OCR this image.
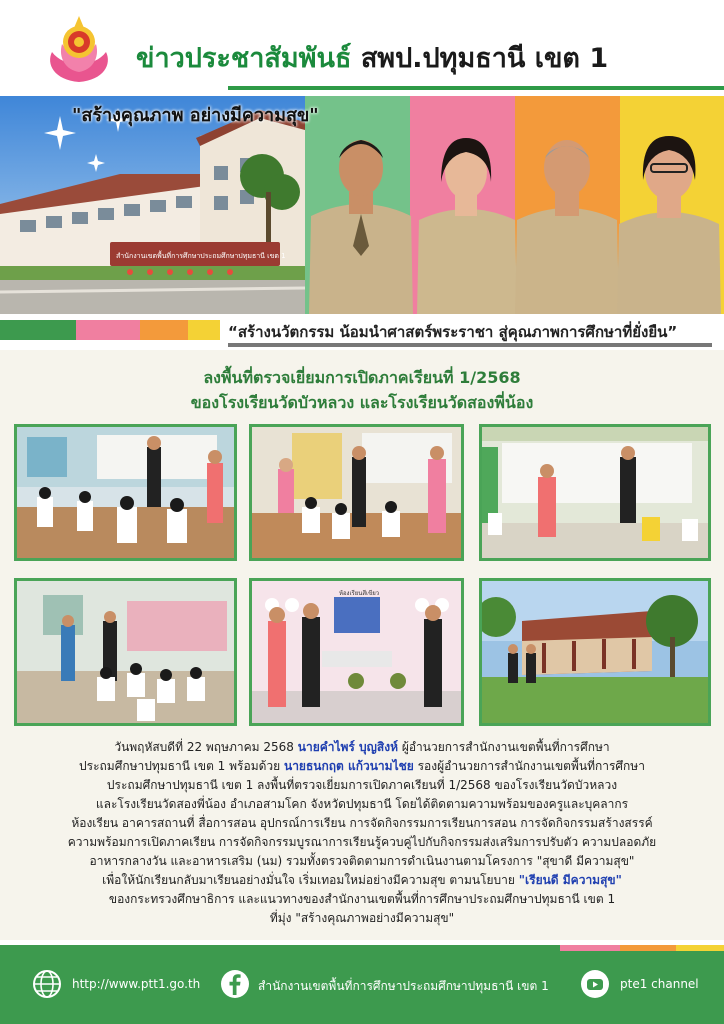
ข่าวประชาสัมพันธ์ สพป.ปทุมธานี เขต 1
สำนักงานเขตพื้นที่การศึกษาประถมศึกษาปทุมธานี เขต 1
"สร้างคุณภาพ อย่างมีความสุข"
“สร้างนวัตกรรม น้อมนำศาสตร์พระราชา สู่คุณภาพการศึกษาที่ยั่งยืน”
ลงพื้นที่ตรวจเยี่ยมการเปิดภาคเรียนที่ 1/2568
ของโรงเรียนวัดบัวหลวง และโรงเรียนวัดสองพี่น้อง
ห้องเรียนสีเขียว
วันพฤหัสบดีที่ 22 พฤษภาคม 2568 นายคำไพร์ บุญสิงห์ ผู้อำนวยการสำนักงานเขตพื้นที่การศึกษา
ประถมศึกษาปทุมธานี เขต 1 พร้อมด้วย นายธนกฤต แก้วนามไชย รองผู้อำนวยการสำนักงานเขตพื้นที่การศึกษา
ประถมศึกษาปทุมธานี เขต 1 ลงพื้นที่ตรวจเยี่ยมการเปิดภาคเรียนที่ 1/2568 ของโรงเรียนวัดบัวหลวง
และโรงเรียนวัดสองพี่น้อง อำเภอสามโคก จังหวัดปทุมธานี โดยได้ติดตามความพร้อมของครูและบุคลากร
ห้องเรียน อาคารสถานที่ สื่อการสอน อุปกรณ์การเรียน การจัดกิจกรรมการเรียนการสอน การจัดกิจกรรมสร้างสรรค์
ความพร้อมการเปิดภาคเรียน การจัดกิจกรรมบูรณาการเรียนรู้ควบคู่ไปกับกิจกรรมส่งเสริมการปรับตัว ความปลอดภัย
อาหารกลางวัน และอาหารเสริม (นม) รวมทั้งตรวจติดตามการดำเนินงานตามโครงการ "สุขาดี มีความสุข"
เพื่อให้นักเรียนกลับมาเรียนอย่างมั่นใจ เริ่มเทอมใหม่อย่างมีความสุข ตามนโยบาย "เรียนดี มีความสุข"
ของกระทรวงศึกษาธิการ และแนวทางของสำนักงานเขตพื้นที่การศึกษาประถมศึกษาปทุมธานี เขต 1
ที่มุ่ง "สร้างคุณภาพอย่างมีความสุข"
http://www.ptt1.go.th	สำนักงานเขตพื้นที่การศึกษาประถมศึกษาปทุมธานี เขต 1	pte1 channel
